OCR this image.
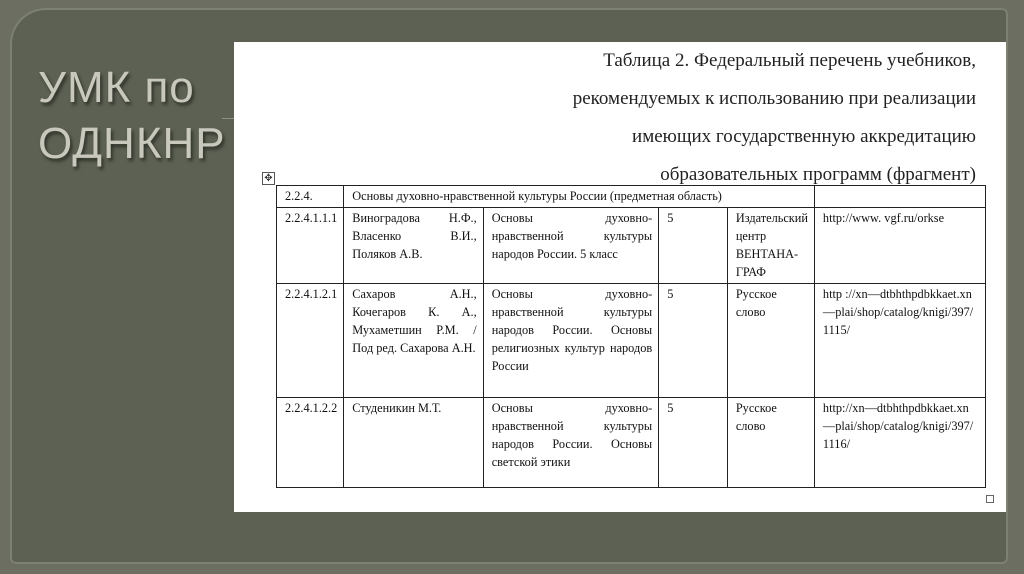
УМК по
ОДНКНР
Таблица 2. Федеральный перечень учебников,
рекомендуемых к использованию при реализации
имеющих государственную аккредитацию
образовательных программ (фрагмент)
✥
2.2.4.	Основы духовно-нравственной культуры России (предметная область)				
2.2.4.1.1.1	Виноградова Н.Ф., Власенко В.И., Поляков А.В.	Основы духовно-нравственной культуры народов России. 5 класс	5	Издательский центр ВЕНТАНА-ГРАФ	http://www. vgf.ru/orkse
2.2.4.1.2.1	Сахаров А.Н., Кочегаров К. А., Мухаметшин Р.М. / Под ред. Сахарова А.Н.	Основы духовно-нравственной культуры народов России. Основы религиозных культур народов России	5	Русское слово	http ://xn—dtbhthpdbkkaet.xn—plai/shop/catalog/knigi/397/1115/
2.2.4.1.2.2	Студеникин М.Т.	Основы духовно-нравственной культуры народов России. Основы светской этики	5	Русское слово	http://xn—dtbhthpdbkkaet.xn—plai/shop/catalog/knigi/397/1116/
